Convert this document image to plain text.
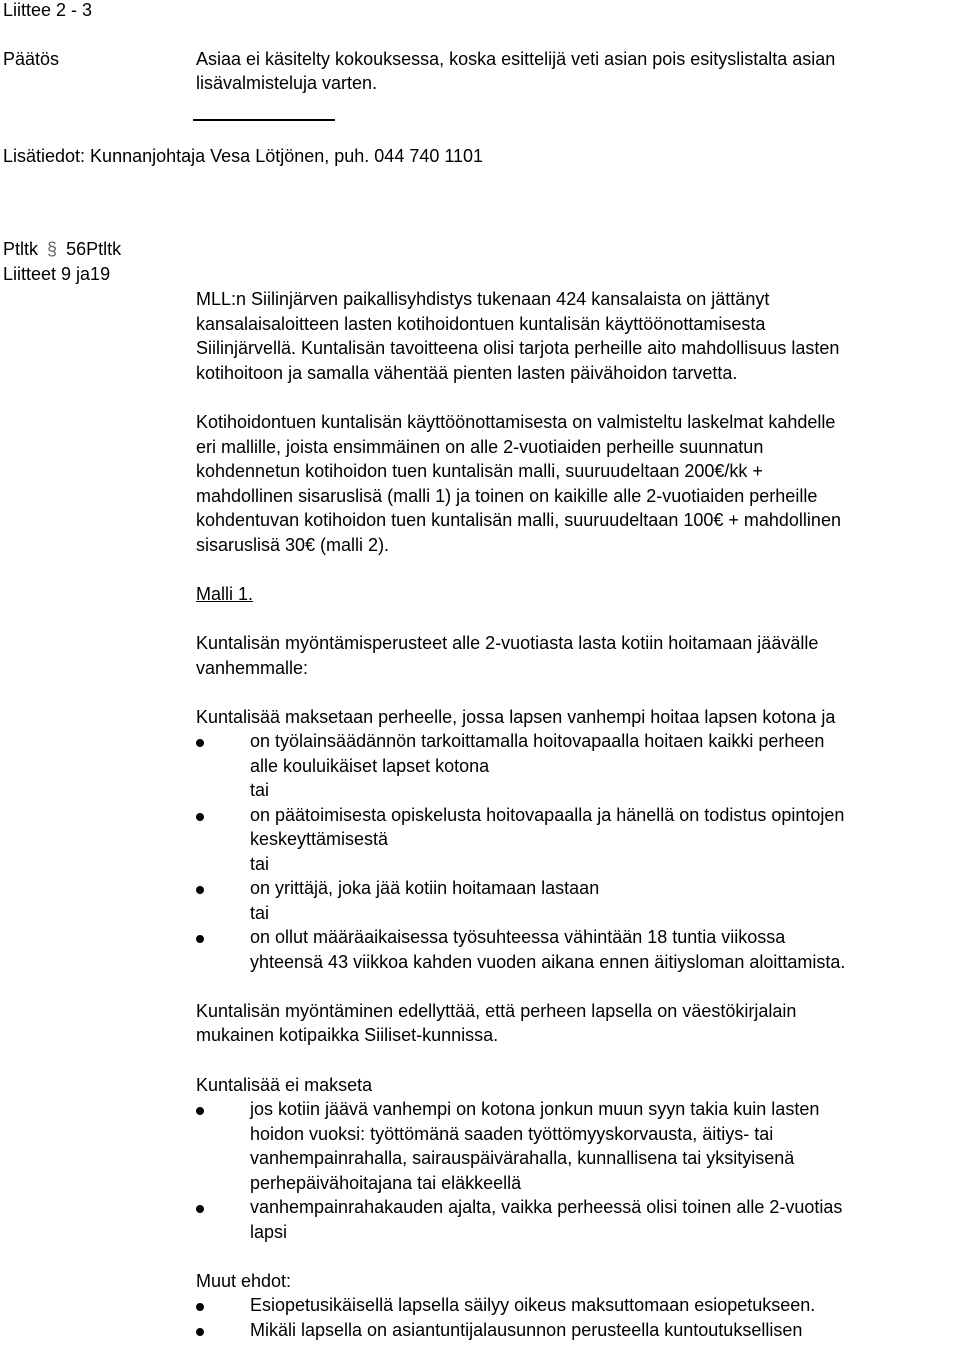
Liittee 2 - 3
Päätös	Asiaa ei käsitelty kokouksessa, koska esittelijä veti asian pois esityslistalta asian
lisävalmisteluja varten.
Lisätiedot: Kunnanjohtaja Vesa Lötjönen, puh. 044 740 1101
Ptltk § 56Ptltk
Liitteet 9 ja19
MLL:n Siilinjärven paikallisyhdistys tukenaan 424 kansalaista on jättänyt
kansalaisaloitteen lasten kotihoidontuen kuntalisän käyttöönottamisesta
Siilinjärvellä. Kuntalisän tavoitteena olisi tarjota perheille aito mahdollisuus lasten
kotihoitoon ja samalla vähentää pienten lasten päivähoidon tarvetta.
Kotihoidontuen kuntalisän käyttöönottamisesta on valmisteltu laskelmat kahdelle
eri mallille, joista ensimmäinen on alle 2-vuotiaiden perheille suunnatun
kohdennetun kotihoidon tuen kuntalisän malli, suuruudeltaan 200€/kk +
mahdollinen sisaruslisä (malli 1) ja toinen on kaikille alle 2-vuotiaiden perheille
kohdentuvan kotihoidon tuen kuntalisän malli, suuruudeltaan 100€ + mahdollinen
sisaruslisä 30€ (malli 2).
Malli 1.
Kuntalisän myöntämisperusteet alle 2-vuotiasta lasta kotiin hoitamaan jäävälle
vanhemmalle:
Kuntalisää maksetaan perheelle, jossa lapsen vanhempi hoitaa lapsen kotona ja
on työlainsäädännön tarkoittamalla hoitovapaalla hoitaen kaikki perheen
alle kouluikäiset lapset kotona
tai
on päätoimisesta opiskelusta hoitovapaalla ja hänellä on todistus opintojen
keskeyttämisestä
tai
on yrittäjä, joka jää kotiin hoitamaan lastaan
tai
on ollut määräaikaisessa työsuhteessa vähintään 18 tuntia viikossa
yhteensä 43 viikkoa kahden vuoden aikana ennen äitiysloman aloittamista.
Kuntalisän myöntäminen edellyttää, että perheen lapsella on väestökirjalain
mukainen kotipaikka Siiliset-kunnissa.
Kuntalisää ei makseta
jos kotiin jäävä vanhempi on kotona jonkun muun syyn takia kuin lasten
hoidon vuoksi: työttömänä saaden työttömyyskorvausta, äitiys- tai
vanhempainrahalla, sairauspäivärahalla, kunnallisena tai yksityisenä
perhepäivähoitajana tai eläkkeellä
vanhempainrahakauden ajalta, vaikka perheessä olisi toinen alle 2-vuotias
lapsi
Muut ehdot:
Esiopetusikäisellä lapsella säilyy oikeus maksuttomaan esiopetukseen.
Mikäli lapsella on asiantuntijalausunnon perusteella kuntoutuksellisen
